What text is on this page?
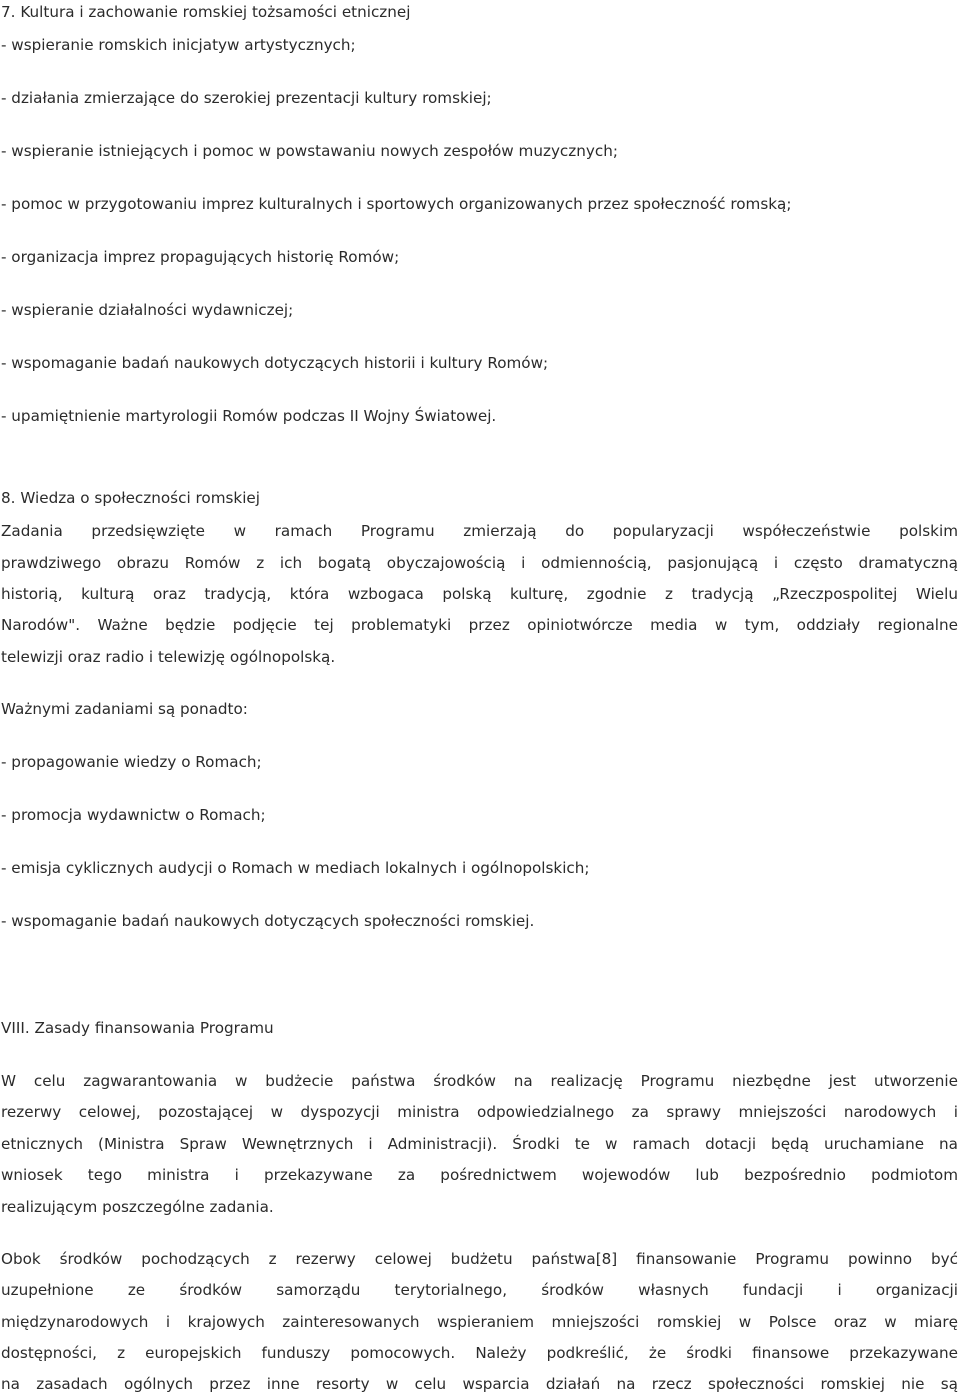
7. Kultura i zachowanie romskiej tożsamości etnicznej
- wspieranie romskich inicjatyw artystycznych;
- działania zmierzające do szerokiej prezentacji kultury romskiej;
- wspieranie istniejących i pomoc w powstawaniu nowych zespołów muzycznych;
- pomoc w przygotowaniu imprez kulturalnych i sportowych organizowanych przez społeczność romską;
- organizacja imprez propagujących historię Romów;
- wspieranie działalności wydawniczej;
- wspomaganie badań naukowych dotyczących historii i kultury Romów;
- upamiętnienie martyrologii Romów podczas II Wojny Światowej.
8. Wiedza o społeczności romskiej
Zadania przedsięwzięte w ramach Programu zmierzają do popularyzacji współeczeństwie polskim
prawdziwego obrazu Romów z ich bogatą obyczajowością i odmiennością, pasjonującą i często dramatyczną
historią, kulturą oraz tradycją, która wzbogaca polską kulturę, zgodnie z tradycją „Rzeczpospolitej Wielu
Narodów". Ważne będzie podjęcie tej problematyki przez opiniotwórcze media w tym, oddziały regionalne
telewizji oraz radio i telewizję ogólnopolską.
Ważnymi zadaniami są ponadto:
- propagowanie wiedzy o Romach;
- promocja wydawnictw o Romach;
- emisja cyklicznych audycji o Romach w mediach lokalnych i ogólnopolskich;
- wspomaganie badań naukowych dotyczących społeczności romskiej.
VIII. Zasady finansowania Programu
W celu zagwarantowania w budżecie państwa środków na realizację Programu niezbędne jest utworzenie
rezerwy celowej, pozostającej w dyspozycji ministra odpowiedzialnego za sprawy mniejszości narodowych i
etnicznych (Ministra Spraw Wewnętrznych i Administracji). Środki te w ramach dotacji będą uruchamiane na
wniosek tego ministra i przekazywane za pośrednictwem wojewodów lub bezpośrednio podmiotom
realizującym poszczególne zadania.
Obok środków pochodzących z rezerwy celowej budżetu państwa[8] finansowanie Programu powinno być
uzupełnione ze środków samorządu terytorialnego, środków własnych fundacji i organizacji
międzynarodowych i krajowych zainteresowanych wspieraniem mniejszości romskiej w Polsce oraz w miarę
dostępności, z europejskich funduszy pomocowych. Należy podkreślić, że środki finansowe przekazywane
na zasadach ogólnych przez inne resorty w celu wsparcia działań na rzecz społeczności romskiej nie są
